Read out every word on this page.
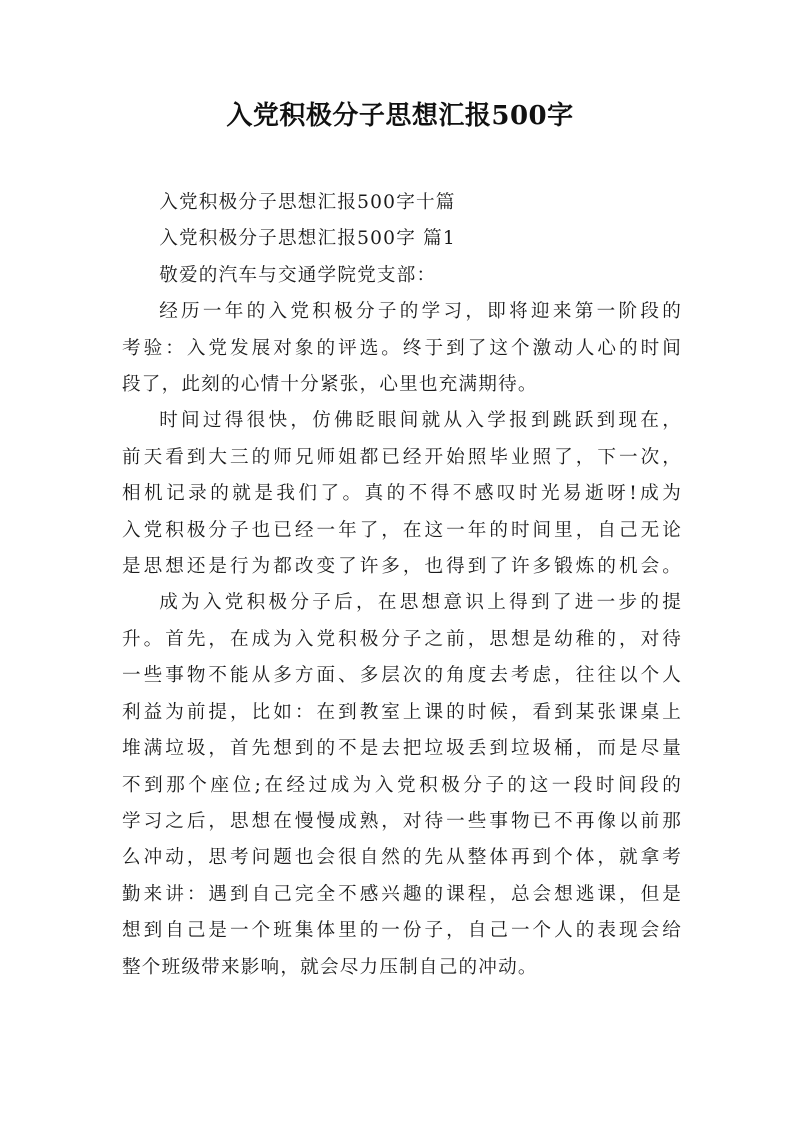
入党积极分子思想汇报500字

入党积极分子思想汇报500字十篇

入党积极分子思想汇报500字 篇1

敬爱的汽车与交通学院党支部：

经历一年的入党积极分子的学习，即将迎来第一阶段的
考验：入党发展对象的评选。终于到了这个激动人心的时间
段了，此刻的心情十分紧张，心里也充满期待。

时间过得很快，仿佛眨眼间就从入学报到跳跃到现在，
前天看到大三的师兄师姐都已经开始照毕业照了，下一次，
相机记录的就是我们了。真的不得不感叹时光易逝呀!成为
入党积极分子也已经一年了，在这一年的时间里，自己无论
是思想还是行为都改变了许多，也得到了许多锻炼的机会。

成为入党积极分子后，在思想意识上得到了进一步的提
升。首先，在成为入党积极分子之前，思想是幼稚的，对待
一些事物不能从多方面、多层次的角度去考虑，往往以个人
利益为前提，比如：在到教室上课的时候，看到某张课桌上
堆满垃圾，首先想到的不是去把垃圾丢到垃圾桶，而是尽量
不到那个座位;在经过成为入党积极分子的这一段时间段的
学习之后，思想在慢慢成熟，对待一些事物已不再像以前那
么冲动，思考问题也会很自然的先从整体再到个体，就拿考
勤来讲：遇到自己完全不感兴趣的课程，总会想逃课，但是
想到自己是一个班集体里的一份子，自己一个人的表现会给
整个班级带来影响，就会尽力压制自己的冲动。
